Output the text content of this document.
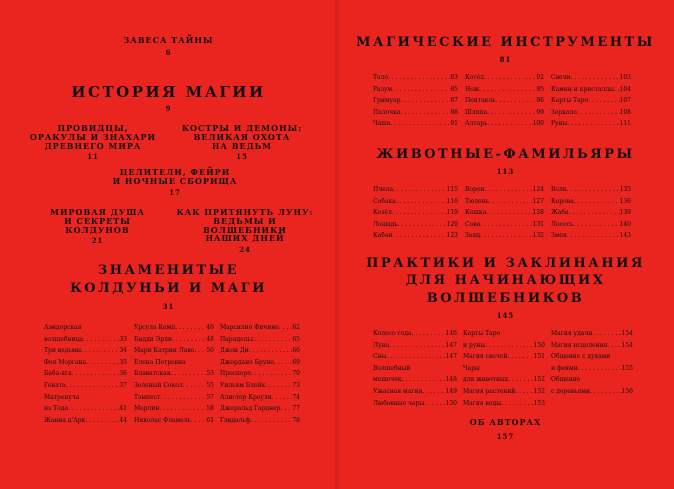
ЗАВЕСА ТАЙНЫ
6
ИСТОРИЯ МАГИИ
9
ПРОВИДЦЫ,
ОРАКУЛЫ И ЗНАХАРИ
ДРЕВНЕГО МИРА
11
КОСТРЫ И ДЕМОНЫ:
ВЕЛИКАЯ ОХОТА
НА ВЕДЬМ
15
ЦЕЛИТЕЛИ, ФЕЙРИ
И НОЧНЫЕ СБОРИЩА
17
МИРОВАЯ ДУША
И СЕКРЕТЫ
КОЛДУНОВ
21
КАК ПРИТЯНУТЬ ЛУНУ:
ВЕДЬМЫ И ВОЛШЕБНИКИ
НАШИХ ДНЕЙ
24
ЗНАМЕНИТЫЕ
КОЛДУНЬИ И МАГИ
31
Аэндорская
волшебница . . .	33
Три ведьмы . . .	34
Фея Моргана . . .	35
Баба-яга . . .	36
Геката . . .	37
Матренуча
из Тода . . .	41
Жанна д'Арк . . .	44
Урсула Кемп . . .	46
Бидди Эрли . . .	48
Мари Катрин Лаво . . . 50
Елена Петровна
Блаватская . . .	53
Зеленый Сокол . . .	55
Тэмпест . . .	57
Мерлин . . .	58
Николас Фламель . . .	61
Марсилио Фичино . . . 62
Парацельс . . .	65
Джон Ди . . .	66
Джордано Бруно . . .	69
Просперо . . .	70
Уильям Блейк . . .	73
Алистер Кроули . . .	74
Джеральд Гарднер . . . 77
Гэндальф . . .	78
МАГИЧЕСКИЕ ИНСТРУМЕНТЫ
81
Тело . . .	83
Разум . . .	85
Гримуар . . .	87
Палочка . . .	88
Чаша . . .	91
Котёл . . .	92
Нож . . .	95
Пентакль . . .	96
Шляпа . . .	99
Алтарь . . .	100
Свечи . . .	103
Камни и кристаллы . . . 104
Карты Таро . . .	107
Зеркало . . .	108
Руны . . .	111
ЖИВОТНЫЕ-ФАМИЛЬЯРЫ
113
Пчела . . .	115
Собака . . .	116
Козёл . . .	119
Лошадь . . .	120
Кабан . . .	123
Ворон . . .	124
Тюлень . . .	127
Кошка . . .	128
Сова . . .	131
Заяц . . .	132
Волк . . .	135
Корова . . .	136
Жаба . . .	139
Лосось . . .	140
Змея . . .	143
ПРАКТИКИ И ЗАКЛИНАНИЯ
ДЛЯ НАЧИНАЮЩИХ
ВОЛШЕБНИКОВ
145
Колесо года . . .	146
Луна . . .	147
Сны . . .	147
Волшебный
мешочек . . .	148
Ужасная магия . . .	149
Любовные чары . . .	150
Карты Таро
и руны . . .	150
Магия свечей . . .	151
Чары
для животных . . .	152
Магия растений . . .	152
Магия воды . . .	153
Магия удачи . . .	154
Магия исцеления . . . 154
Общение с духами
и феями . . .	155
Общение
с деревьями . . .	156
ОБ АВТОРАХ
157
